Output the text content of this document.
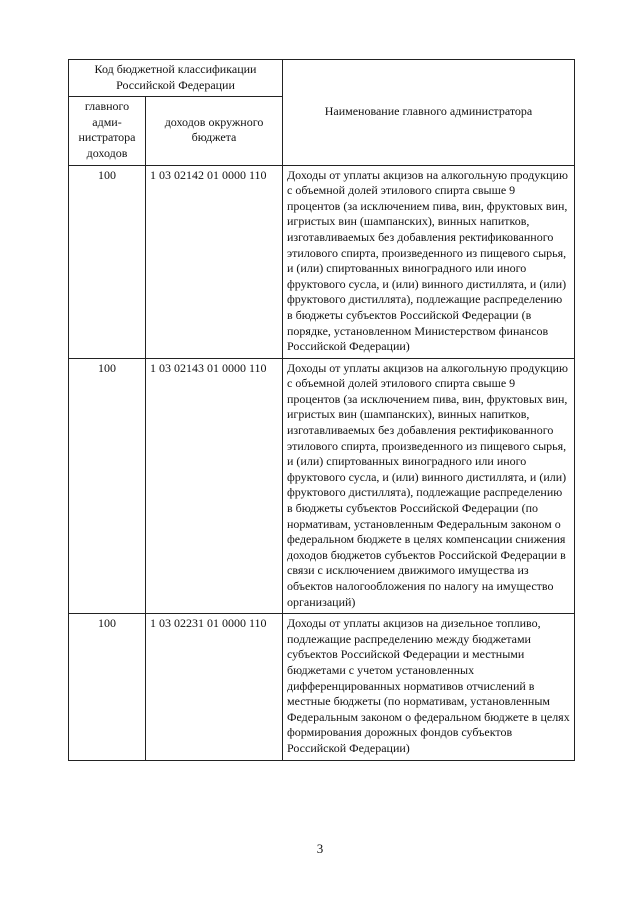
Код бюджетной классификации Российской Федерации		Наименование главного администратора
главного адми-нистратора доходов	доходов окружного бюджета	
100	1 03 02142 01 0000 110	Доходы от уплаты акцизов на алкогольную продукцию с объемной долей этилового спирта свыше 9 процентов (за исключением пива, вин, фруктовых вин, игристых вин (шампанских), винных напитков, изготавливаемых без добавления ректификованного этилового спирта, произведенного из пищевого сырья, и (или) спиртованных виноградного или иного фруктового сусла, и (или) винного дистиллята, и (или) фруктового дистиллята), подлежащие распределению в бюджеты субъектов Российской Федерации (в порядке, установленном Министерством финансов Российской Федерации)
100	1 03 02143 01 0000 110	Доходы от уплаты акцизов на алкогольную продукцию с объемной долей этилового спирта свыше 9 процентов (за исключением пива, вин, фруктовых вин, игристых вин (шампанских), винных напитков, изготавливаемых без добавления ректификованного этилового спирта, произведенного из пищевого сырья, и (или) спиртованных виноградного или иного фруктового сусла, и (или) винного дистиллята, и (или) фруктового дистиллята), подлежащие распределению в бюджеты субъектов Российской Федерации (по нормативам, установленным Федеральным законом о федеральном бюджете в целях компенсации снижения доходов бюджетов субъектов Российской Федерации в связи с исключением движимого имущества из объектов налогообложения по налогу на имущество организаций)
100	1 03 02231 01 0000 110	Доходы от уплаты акцизов на дизельное топливо, подлежащие распределению между бюджетами субъектов Российской Федерации и местными бюджетами с учетом установленных дифференцированных нормативов отчислений в местные бюджеты (по нормативам, установленным Федеральным законом о федеральном бюджете в целях формирования дорожных фондов субъектов Российской Федерации)
3
